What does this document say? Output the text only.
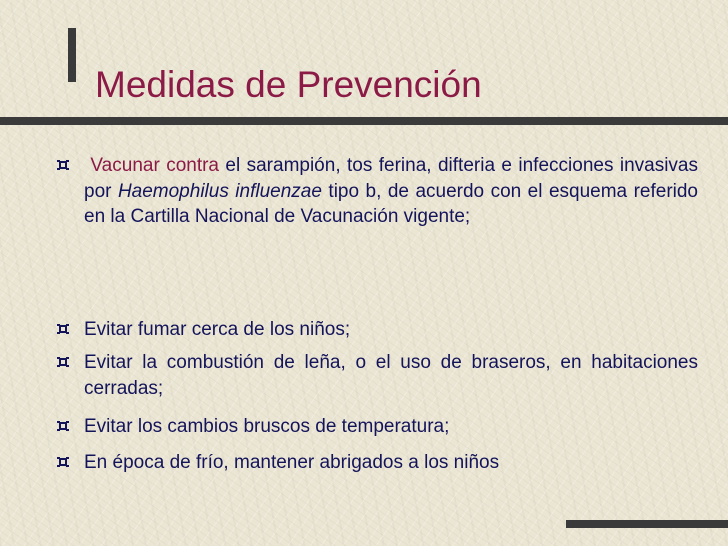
Medidas de Prevención

Vacunar contra el sarampión, tos ferina, difteria e infecciones invasivas por Haemophilus influenzae tipo b, de acuerdo con el esquema referido en la Cartilla Nacional de Vacunación vigente;

Evitar fumar cerca de los niños;

Evitar la combustión de leña, o el uso de braseros, en habitaciones cerradas;

Evitar los cambios bruscos de temperatura;

En época de frío, mantener abrigados a los niños
